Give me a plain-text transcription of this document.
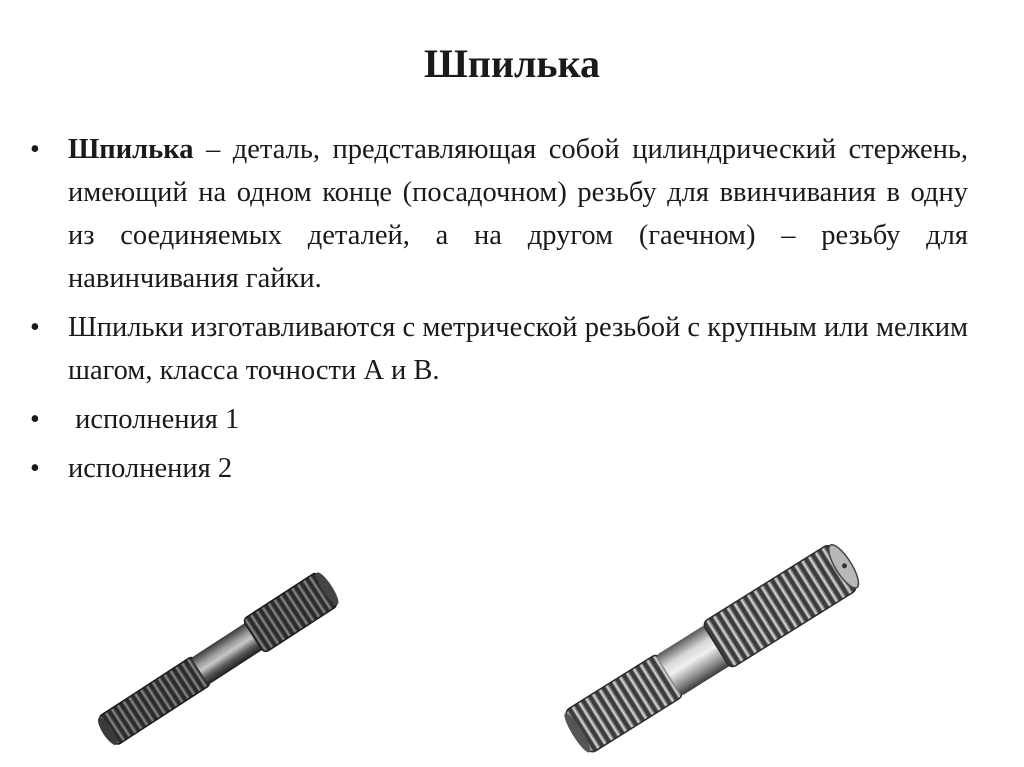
Шпилька
• Шпилька – деталь, представляющая собой цилиндрический стержень, имеющий на одном конце (посадочном) резьбу для ввинчивания в одну из соединяемых деталей, а на другом (гаечном) – резьбу для навинчивания гайки.
• Шпильки изготавливаются с метрической резьбой с крупным или мелким шагом, класса точности А и В.
• исполнения 1
• исполнения 2
